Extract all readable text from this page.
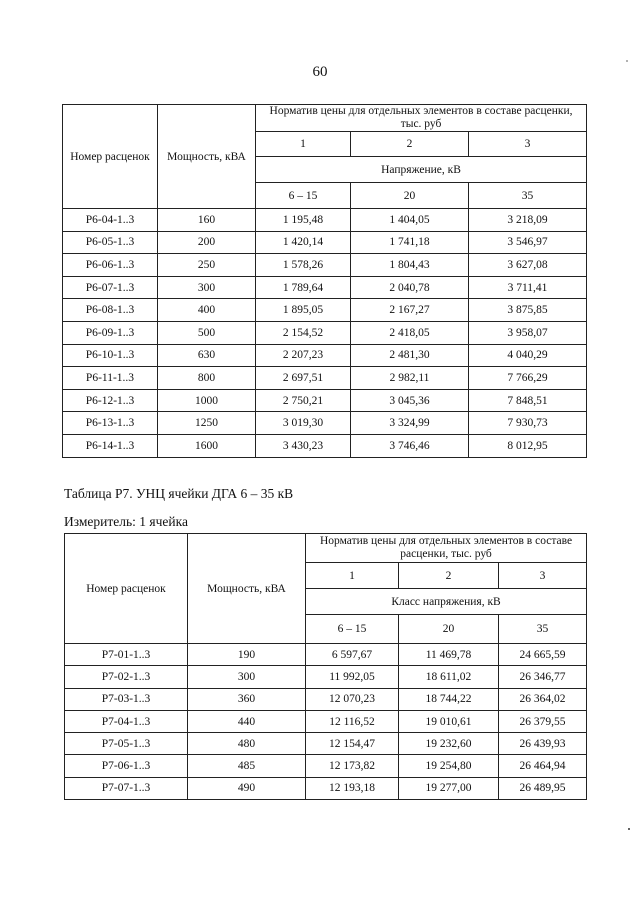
60
Номер расценок	Мощность, кВА	Норматив цены для отдельных элементов в составе расценки, тыс. руб		
		1	2	3
		Напряжение, кВ		
		6 – 15	20	35
Р6-04-1..3	160	1 195,48	1 404,05	3 218,09
Р6-05-1..3	200	1 420,14	1 741,18	3 546,97
Р6-06-1..3	250	1 578,26	1 804,43	3 627,08
Р6-07-1..3	300	1 789,64	2 040,78	3 711,41
Р6-08-1..3	400	1 895,05	2 167,27	3 875,85
Р6-09-1..3	500	2 154,52	2 418,05	3 958,07
Р6-10-1..3	630	2 207,23	2 481,30	4 040,29
Р6-11-1..3	800	2 697,51	2 982,11	7 766,29
Р6-12-1..3	1000	2 750,21	3 045,36	7 848,51
Р6-13-1..3	1250	3 019,30	3 324,99	7 930,73
Р6-14-1..3	1600	3 430,23	3 746,46	8 012,95
Таблица Р7. УНЦ ячейки ДГА 6 – 35 кВ
Измеритель: 1 ячейка
Номер расценок	Мощность, кВА	Норматив цены для отдельных элементов в составе расценки, тыс. руб		
		1	2	3
		Класс напряжения, кВ		
		6 – 15	20	35
Р7-01-1..3	190	6 597,67	11 469,78	24 665,59
Р7-02-1..3	300	11 992,05	18 611,02	26 346,77
Р7-03-1..3	360	12 070,23	18 744,22	26 364,02
Р7-04-1..3	440	12 116,52	19 010,61	26 379,55
Р7-05-1..3	480	12 154,47	19 232,60	26 439,93
Р7-06-1..3	485	12 173,82	19 254,80	26 464,94
Р7-07-1..3	490	12 193,18	19 277,00	26 489,95
